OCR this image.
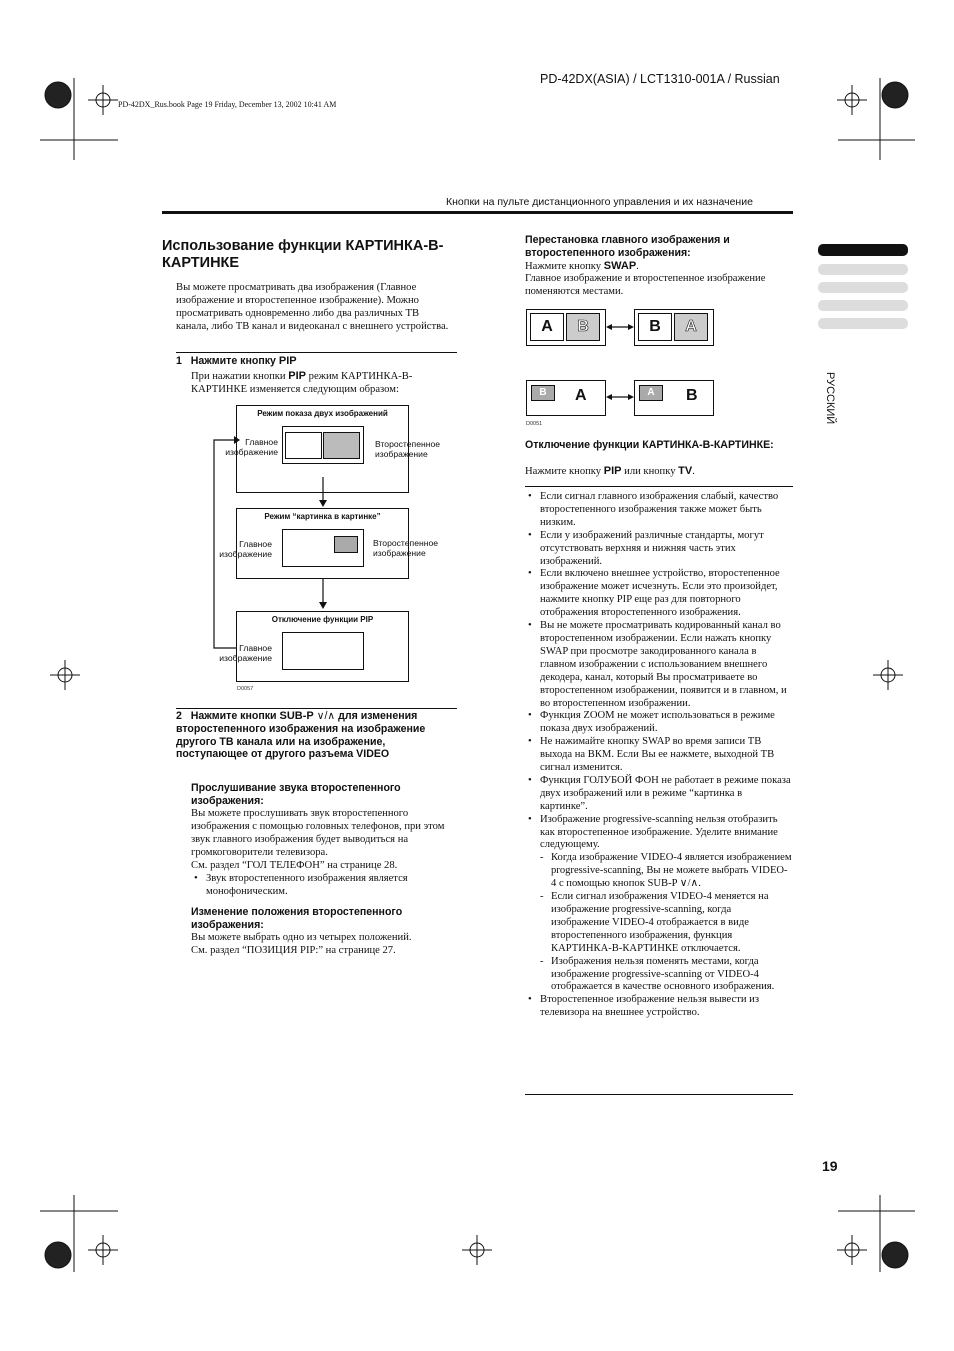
PD-42DX(ASIA) / LCT1310-001A / Russian
PD-42DX_Rus.book Page 19 Friday, December 13, 2002 10:41 AM
Кнопки на пульте дистанционного управления и их назначение
Использование функции КАРТИНКА-В-КАРТИНКЕ
Вы можете просматривать два изображения (Главное изображение и второстепенное изображение). Можно просматривать одновременно либо два различных ТВ канала, либо ТВ канал и видеоканал с внешнего устройства.
1 Нажмите кнопку PIP
При нажатии кнопки PIP режим КАРТИНКА-В-КАРТИНКЕ изменяется следующим образом:
Режим показа двух изображений
Главное изображение
Второстепенное изображение
Режим “картинка в картинке”
Главное изображение
Второстепенное изображение
Отключение функции PIP
Главное изображение
D0057
2 Нажмите кнопки SUB-P ∨/∧ для изменения второстепенного изображения на изображение другого ТВ канала или на изображение, поступающее от другого разъема VIDEO
Прослушивание звука второстепенного изображения:
Вы можете прослушивать звук второстепенного изображения с помощью головных телефонов, при этом звук главного изображения будет выводиться на громкоговорители телевизора.
См. раздел “ГОЛ ТЕЛЕФОН” на странице 28.
• Звук второстепенного изображения является монофоническим.
Изменение положения второстепенного изображения:
Вы можете выбрать одно из четырех положений.
См. раздел “ПОЗИЦИЯ PIP:” на странице 27.
Перестановка главного изображения и второстепенного изображения:
Нажмите кнопку SWAP.
Главное изображение и второстепенное изображение поменяются местами.
A	B	B	A
B	A	A	B
D0051
Отключение функции КАРТИНКА-В-КАРТИНКЕ:
Нажмите кнопку PIP или кнопку TV.
• Если сигнал главного изображения слабый, качество второстепенного изображения также может быть низким.
• Если у изображений различные стандарты, могут отсутствовать верхняя и нижняя часть этих изображений.
• Если включено внешнее устройство, второстепенное изображение может исчезнуть. Если это произойдет, нажмите кнопку PIP еще раз для повторного отображения второстепенного изображения.
• Вы не можете просматривать кодированный канал во второстепенном изображении. Если нажать кнопку SWAP при просмотре закодированного канала в главном изображении с использованием внешнего декодера, канал, который Вы просматриваете во второстепенном изображении, появится и в главном, и во второстепенном изображении.
• Функция ZOOM не может использоваться в режиме показа двух изображений.
• Не нажимайте кнопку SWAP во время записи ТВ выхода на ВКМ. Если Вы ее нажмете, выходной ТВ сигнал изменится.
• Функция ГОЛУБОЙ ФОН не работает в режиме показа двух изображений или в режиме “картинка в картинке”.
• Изображение progressive-scanning нельзя отобразить как второстепенное изображение. Уделите внимание следующему.
- Когда изображение VIDEO-4 является изображением progressive-scanning, Вы не можете выбрать VIDEO-4 с помощью кнопок SUB-P ∨/∧.
- Если сигнал изображения VIDEO-4 меняется на изображение progressive-scanning, когда изображение VIDEO-4 отображается в виде второстепенного изображения, функция КАРТИНКА-В-КАРТИНКЕ отключается.
- Изображения нельзя поменять местами, когда изображение progressive-scanning от VIDEO-4 отображается в качестве основного изображения.
• Второстепенное изображение нельзя вывести из телевизора на внешнее устройство.
РУССКИЙ
19
